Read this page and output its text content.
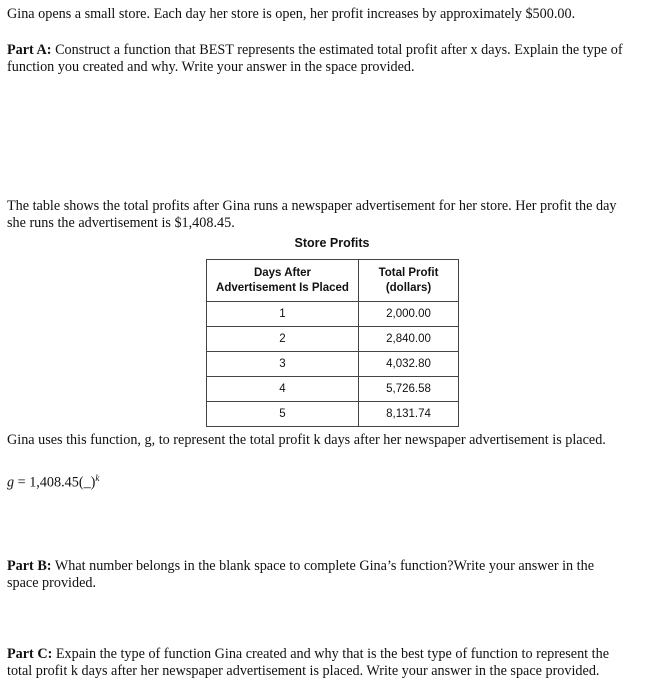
Gina opens a small store. Each day her store is open, her profit increases by approximately $500.00.
Part A: Construct a function that BEST represents the estimated total profit after x days. Explain the type of
function you created and why. Write your answer in the space provided.
The table shows the total profits after Gina runs a newspaper advertisement for her store. Her profit the day
she runs the advertisement is $1,408.45.
Store Profits
Days After
Advertisement Is Placed	Total Profit
(dollars)
1	2,000.00
2	2,840.00
3	4,032.80
4	5,726.58
5	8,131.74
Gina uses this function, g, to represent the total profit k days after her newspaper advertisement is placed.
g = 1,408.45(_)$^k$
Part B: What number belongs in the blank space to complete Gina’s function?Write your answer in the
space provided.
Part C: Expain the type of function Gina created and why that is the best type of function to represent the
total profit k days after her newspaper advertisement is placed. Write your answer in the space provided.
